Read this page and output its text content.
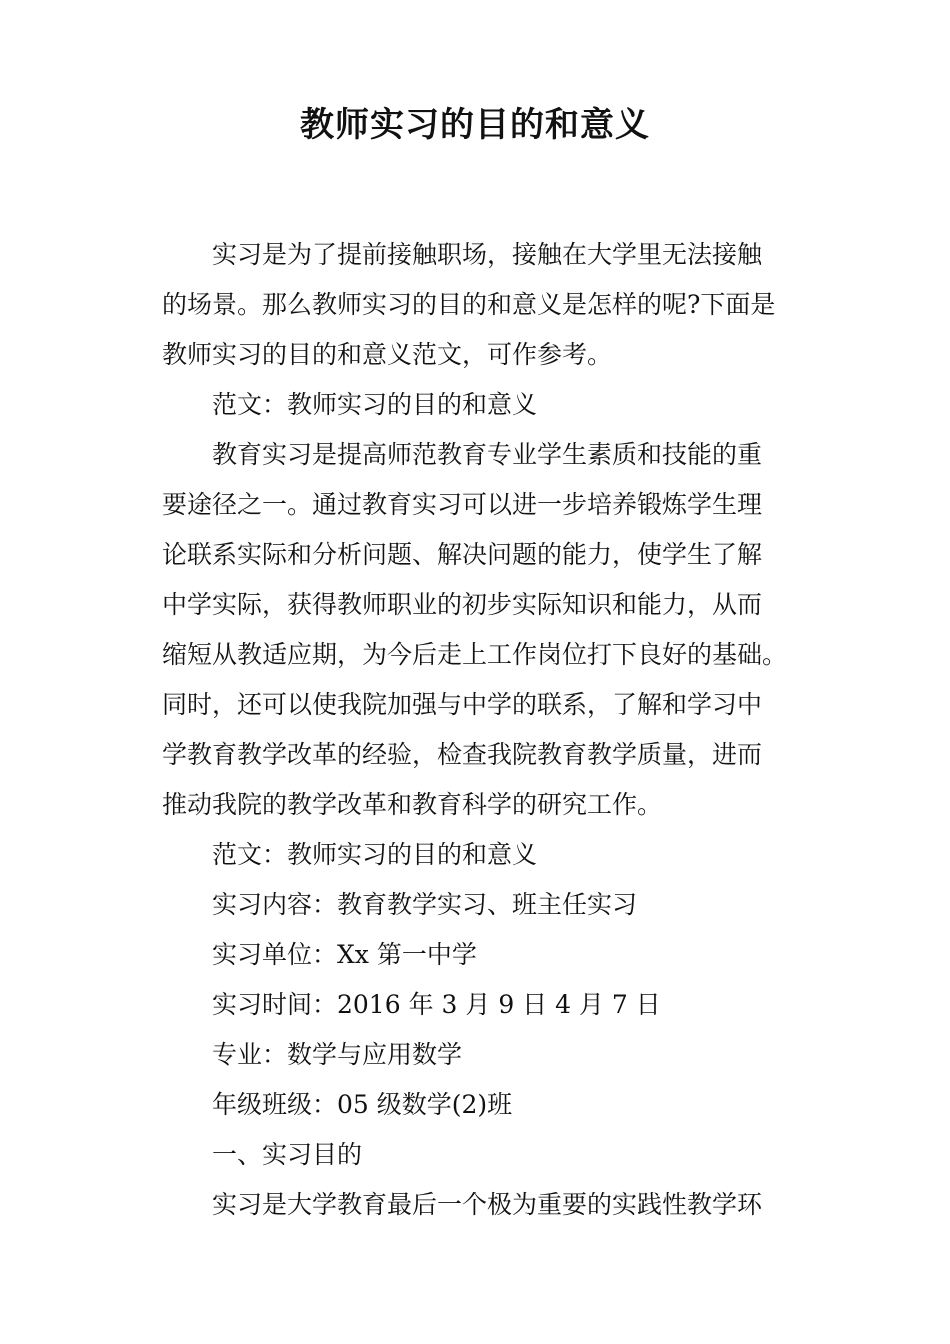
教师实习的目的和意义
实习是为了提前接触职场，接触在大学里无法接触
的场景。那么教师实习的目的和意义是怎样的呢?下面是
教师实习的目的和意义范文，可作参考。
范文：教师实习的目的和意义
教育实习是提高师范教育专业学生素质和技能的重
要途径之一。通过教育实习可以进一步培养锻炼学生理
论联系实际和分析问题、解决问题的能力，使学生了解
中学实际，获得教师职业的初步实际知识和能力，从而
缩短从教适应期，为今后走上工作岗位打下良好的基础。
同时，还可以使我院加强与中学的联系，了解和学习中
学教育教学改革的经验，检查我院教育教学质量，进而
推动我院的教学改革和教育科学的研究工作。
范文：教师实习的目的和意义
实习内容：教育教学实习、班主任实习
实习单位：Xx 第一中学
实习时间：2016 年 3 月 9 日 4 月 7 日
专业：数学与应用数学
年级班级：05 级数学(2)班
一、实习目的
实习是大学教育最后一个极为重要的实践性教学环
